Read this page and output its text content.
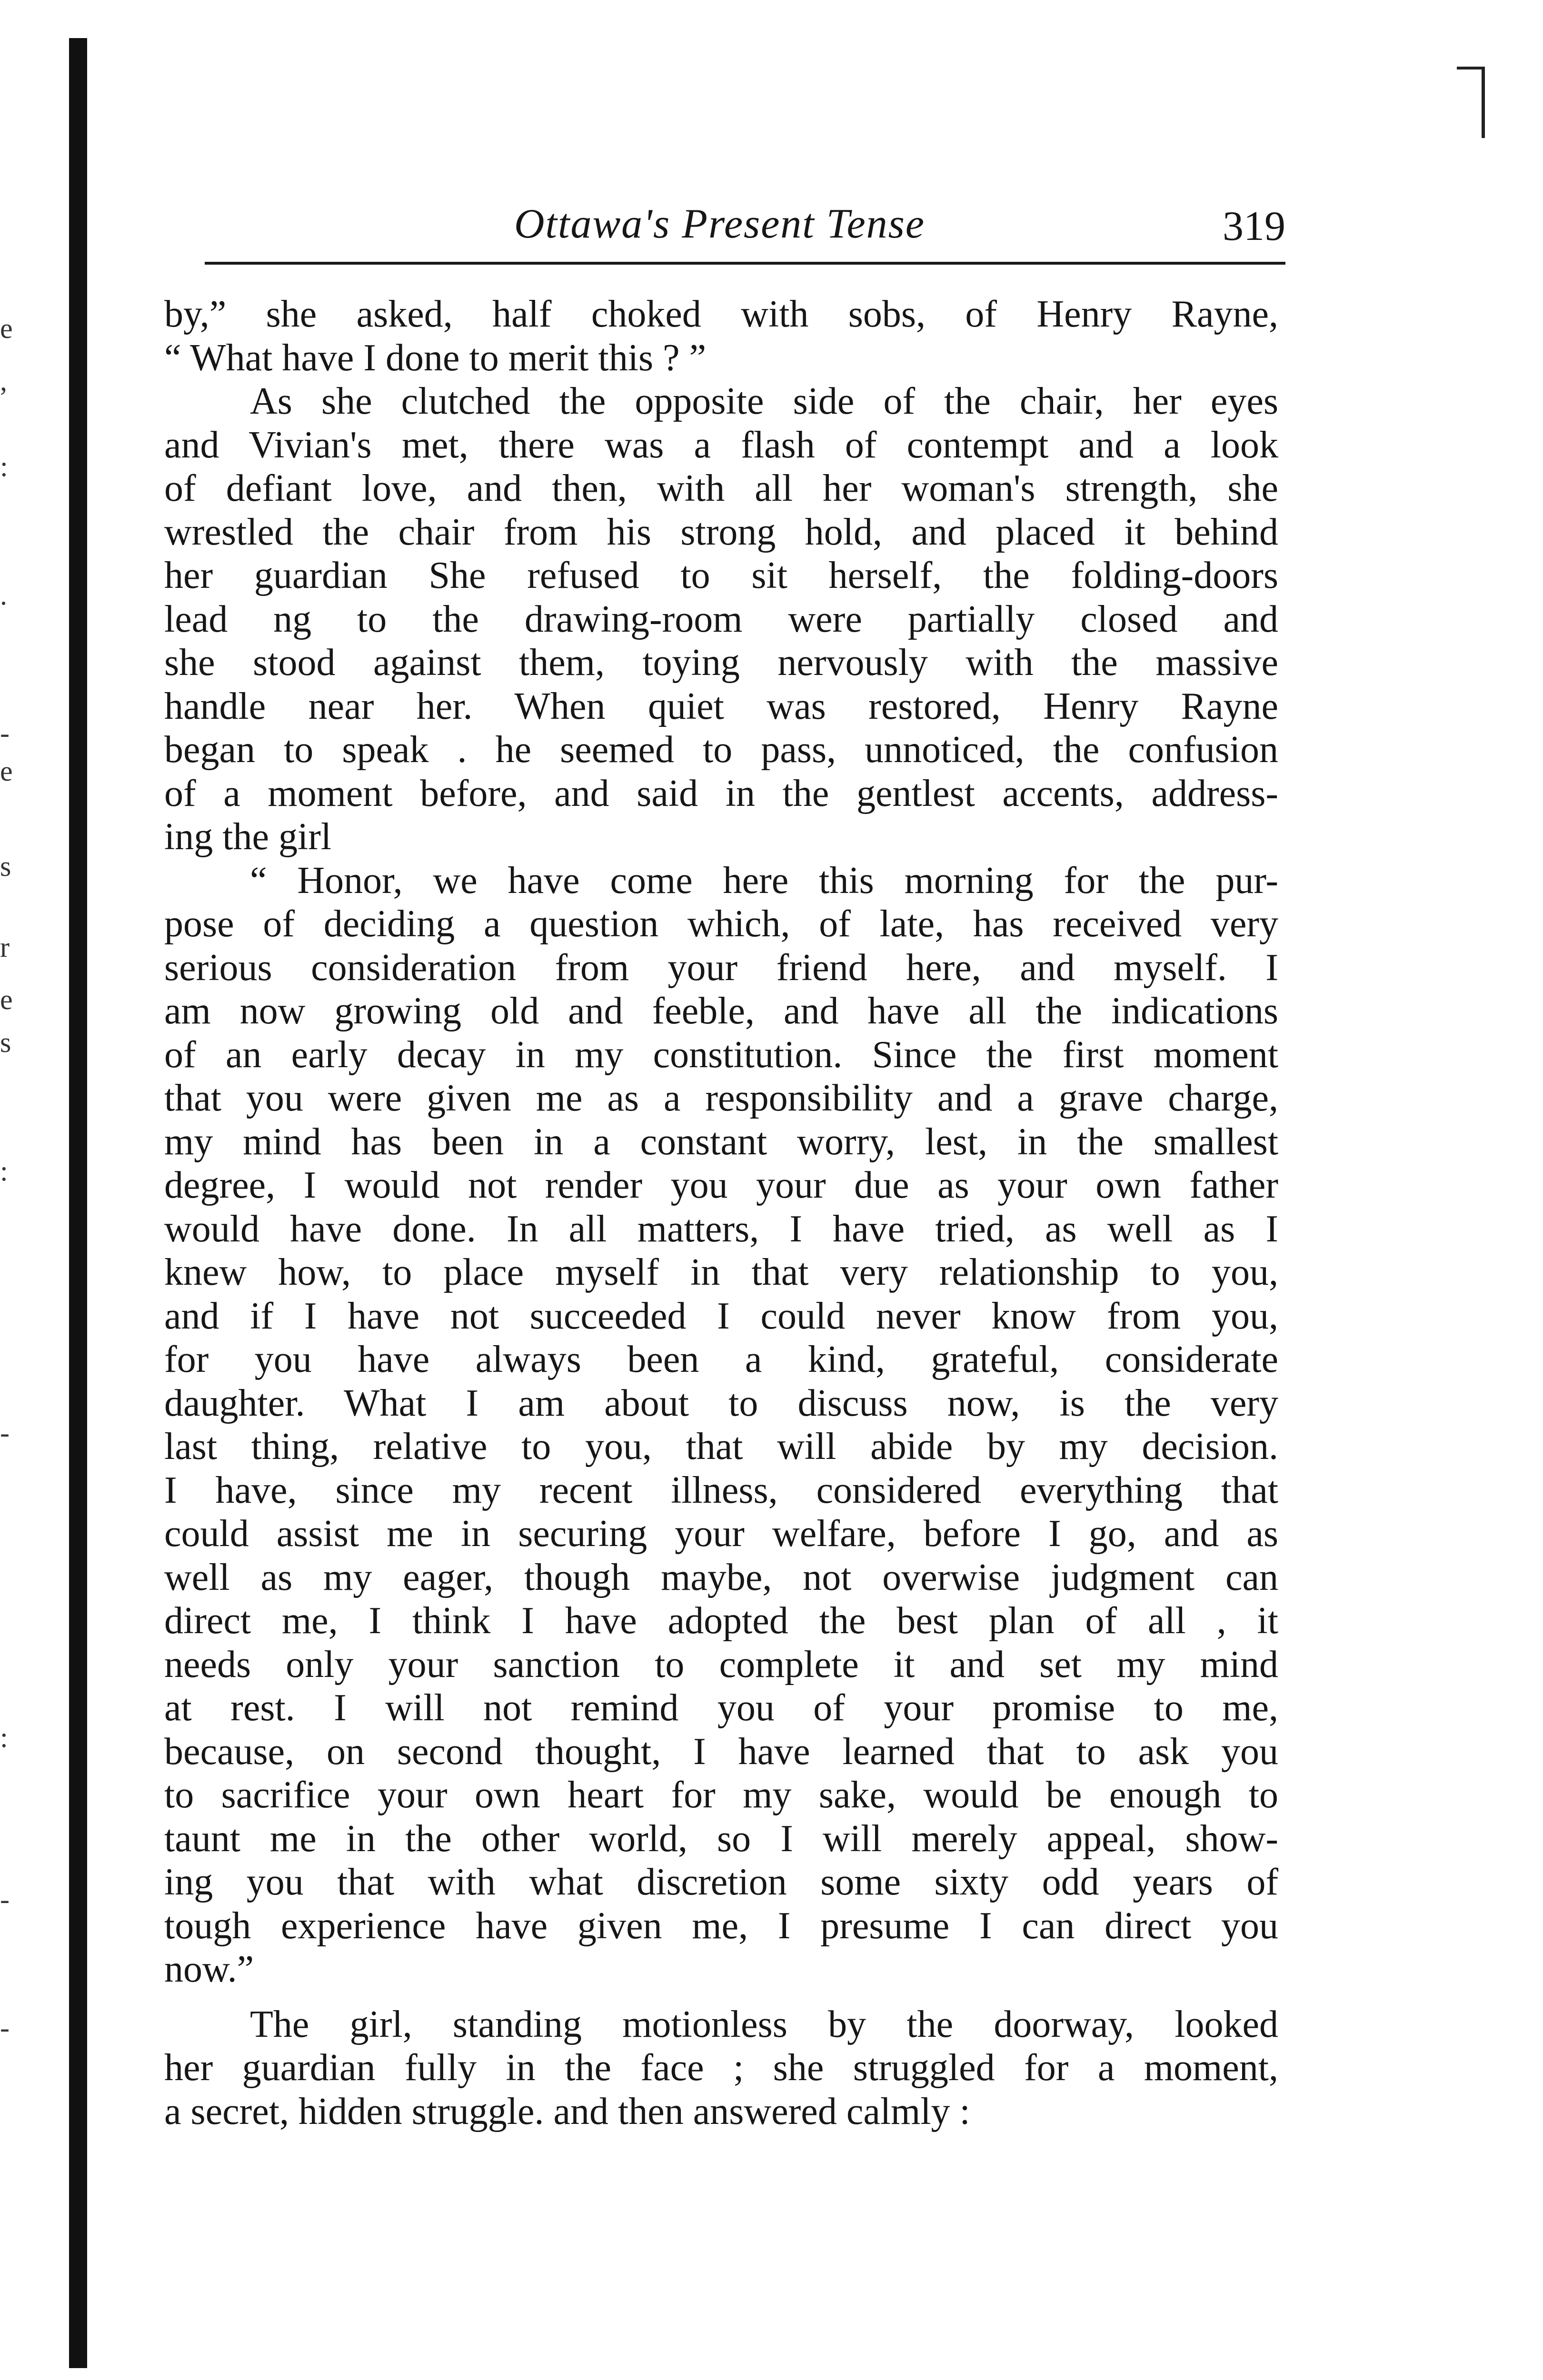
e
,
:
.
-
e
s
r
e
s
:
-
:
-
-
Ottawa's Present Tense	319

by,” she asked, half choked with sobs, of Henry Rayne,
“ What have I done to merit this ? ”

As she clutched the opposite side of the chair, her eyes
and Vivian's met, there was a flash of contempt and a look
of defiant love, and then, with all her woman's strength, she
wrestled the chair from his strong hold, and placed it behind
her guardian She refused to sit herself, the folding-doors
lead ng to the drawing-room were partially closed and
she stood against them, toying nervously with the massive
handle near her. When quiet was restored, Henry Rayne
began to speak . he seemed to pass, unnoticed, the confusion
of a moment before, and said in the gentlest accents, address-
ing the girl

“ Honor, we have come here this morning for the pur-
pose of deciding a question which, of late, has received very
serious consideration from your friend here, and myself. I
am now growing old and feeble, and have all the indications
of an early decay in my constitution. Since the first moment
that you were given me as a responsibility and a grave charge,
my mind has been in a constant worry, lest, in the smallest
degree, I would not render you your due as your own father
would have done. In all matters, I have tried, as well as I
knew how, to place myself in that very relationship to you,
and if I have not succeeded I could never know from you,
for you have always been a kind, grateful, considerate
daughter. What I am about to discuss now, is the very
last thing, relative to you, that will abide by my decision.
I have, since my recent illness, considered everything that
could assist me in securing your welfare, before I go, and as
well as my eager, though maybe, not overwise judgment can
direct me, I think I have adopted the best plan of all , it
needs only your sanction to complete it and set my mind
at rest. I will not remind you of your promise to me,
because, on second thought, I have learned that to ask you
to sacrifice your own heart for my sake, would be enough to
taunt me in the other world, so I will merely appeal, show-
ing you that with what discretion some sixty odd years of
tough experience have given me, I presume I can direct you
now.”

The girl, standing motionless by the doorway, looked
her guardian fully in the face ; she struggled for a moment,
a secret, hidden struggle. and then answered calmly :
